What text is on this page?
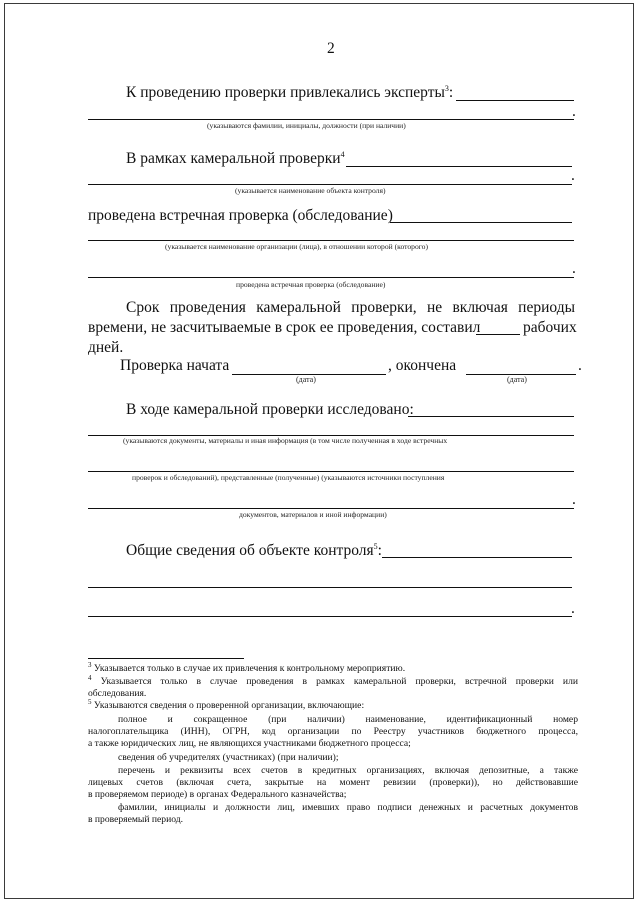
2
К проведению проверки привлекались эксперты$^3$:
.
(указываются фамилии, инициалы, должности (при наличии)
В рамках камеральной проверки$^4$
.
(указывается наименование объекта контроля)
проведена встречная проверка (обследование)
(указывается наименование организации (лица), в отношении которой (которого)
.
проведена встречная проверка (обследование)
Срок проведения камеральной проверки, не включая периоды
времени, не засчитываемые в срок ее проведения, составил	рабочих
дней.
Проверка начата
(дата)
, окончена
(дата)
.
В ходе камеральной проверки исследовано:
(указываются документы, материалы и иная информация (в том числе полученная в ходе встречных
проверок и обследований), представленные (полученные) (указываются источники поступления
.
документов, материалов и иной информации)
Общие сведения об объекте контроля$^5$:
.
$^3$ Указывается только в случае их привлечения к контрольному мероприятию.
$^4$ Указывается только в случае проведения в рамках камеральной проверки, встречной проверки или
обследования.
$^5$ Указываются сведения о проверенной организации, включающие:
полное и сокращенное (при наличии) наименование, идентификационный номер
налогоплательщика (ИНН), ОГРН, код организации по Реестру участников бюджетного процесса,
а также юридических лиц, не являющихся участниками бюджетного процесса;
сведения об учредителях (участниках) (при наличии);
перечень и реквизиты всех счетов в кредитных организациях, включая депозитные, а также
лицевых счетов (включая счета, закрытые на момент ревизии (проверки)), но действовавшие
в проверяемом периоде) в органах Федерального казначейства;
фамилии, инициалы и должности лиц, имевших право подписи денежных и расчетных документов
в проверяемый период.
